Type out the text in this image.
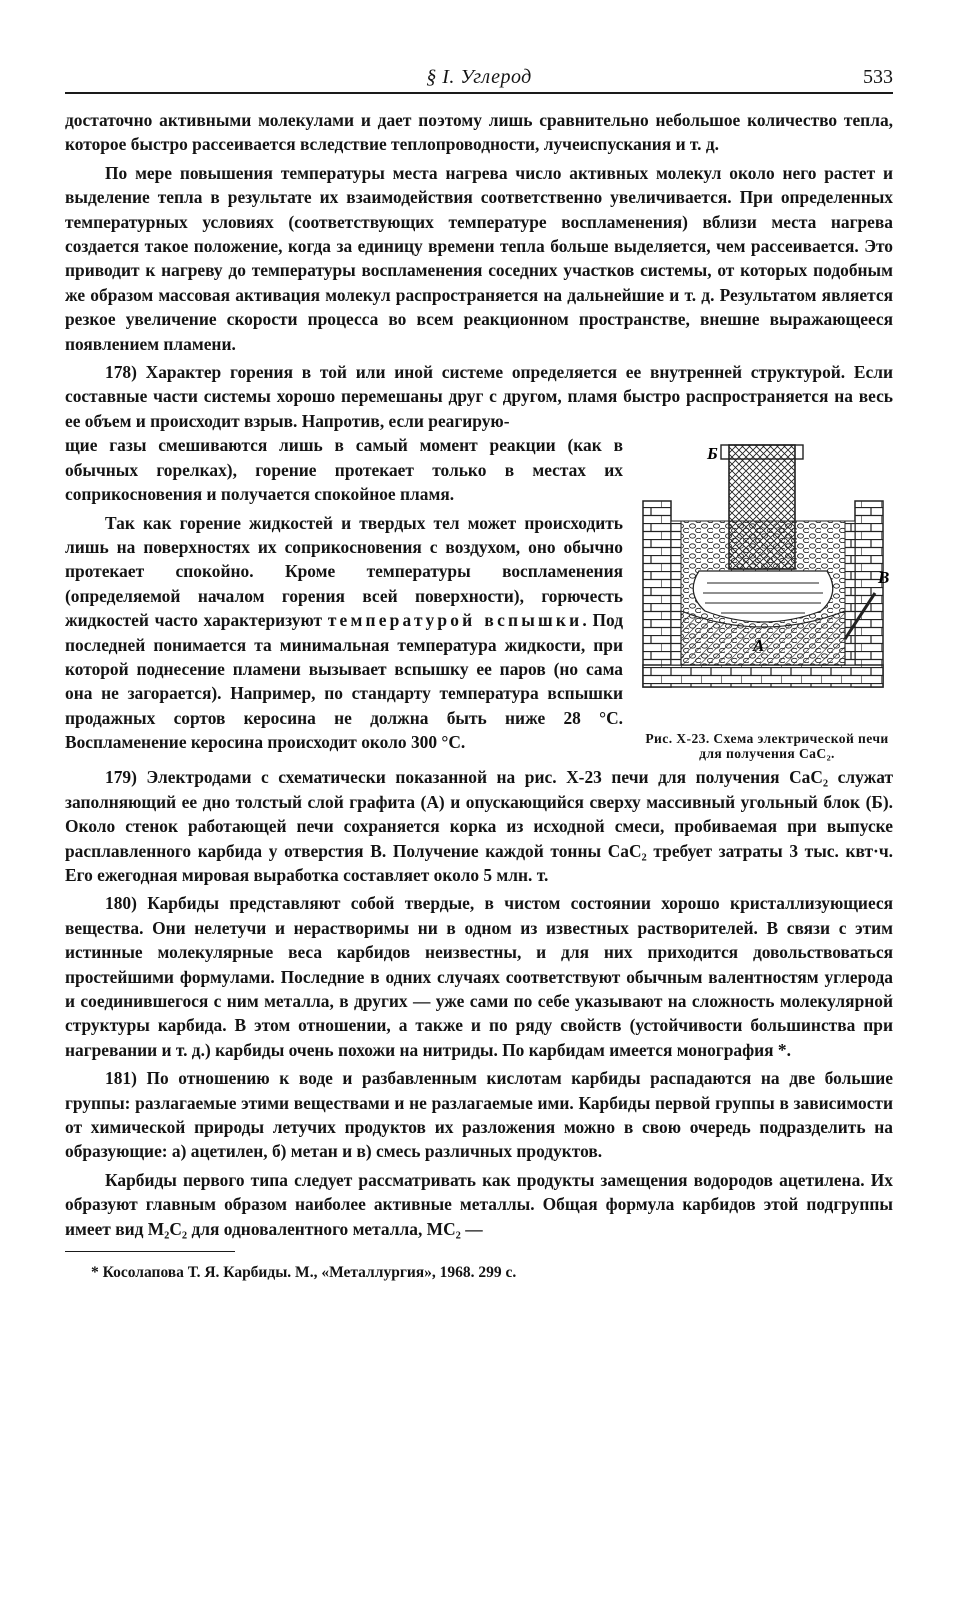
§ I. Углерод	533

достаточно активными молекулами и дает поэтому лишь сравнительно небольшое количество тепла, которое быстро рассеивается вследствие теплопроводности, лучеиспускания и т. д.

По мере повышения температуры места нагрева число активных молекул около него растет и выделение тепла в результате их взаимодействия соответственно увеличивается. При определенных температурных условиях (соответствующих температуре воспламенения) вблизи места нагрева создается такое положение, когда за единицу времени тепла больше выделяется, чем рассеивается. Это приводит к нагреву до температуры воспламенения соседних участков системы, от которых подобным же образом массовая активация молекул распространяется на дальнейшие и т. д. Результатом является резкое увеличение скорости процесса во всем реакционном пространстве, внешне выражающееся появлением пламени.

178) Характер горения в той или иной системе определяется ее внутренней структурой. Если составные части системы хорошо перемешаны друг с другом, пламя быстро распространяется на весь ее объем и происходит взрыв. Напротив, если реагирую-

щие газы смешиваются лишь в самый момент реакции (как в обычных горелках), горение протекает только в местах их соприкосновения и получается спокойное пламя.

Так как горение жидкостей и твердых тел может происходить лишь на поверхностях их соприкосновения с воздухом, оно обычно протекает спокойно. Кроме температуры воспламенения (определяемой началом горения всей поверхности), горючесть жидкостей часто характеризуют температурой вспышки. Под последней понимается та минимальная температура жидкости, при которой поднесение пламени вызывает вспышку ее паров (но сама она не загорается). Например, по стандарту температура вспышки продажных сортов керосина не должна быть ниже 28 °С. Воспламенение керосина происходит около 300 °С.

Б
А
В
Рис. X-23. Схема электрической печи для получения CaC₂.

179) Электродами с схематически показанной на рис. X-23 печи для получения CaC₂ служат заполняющий ее дно толстый слой графита (А) и опускающийся сверху массивный угольный блок (Б). Около стенок работающей печи сохраняется корка из исходной смеси, пробиваемая при выпуске расплавленного карбида у отверстия В. Получение каждой тонны CaC₂ требует затраты 3 тыс. квт·ч. Его ежегодная мировая выработка составляет около 5 млн. т.

180) Карбиды представляют собой твердые, в чистом состоянии хорошо кристаллизующиеся вещества. Они нелетучи и нерастворимы ни в одном из известных растворителей. В связи с этим истинные молекулярные веса карбидов неизвестны, и для них приходится довольствоваться простейшими формулами. Последние в одних случаях соответствуют обычным валентностям углерода и соединившегося с ним металла, в других — уже сами по себе указывают на сложность молекулярной структуры карбида. В этом отношении, а также и по ряду свойств (устойчивости большинства при нагревании и т. д.) карбиды очень похожи на нитриды. По карбидам имеется монография *.

181) По отношению к воде и разбавленным кислотам карбиды распадаются на две большие группы: разлагаемые этими веществами и не разлагаемые ими. Карбиды первой группы в зависимости от химической природы летучих продуктов их разложения можно в свою очередь подразделить на образующие: а) ацетилен, б) метан и в) смесь различных продуктов.

Карбиды первого типа следует рассматривать как продукты замещения водородов ацетилена. Их образуют главным образом наиболее активные металлы. Общая формула карбидов этой подгруппы имеет вид M₂C₂ для одновалентного металла, MC₂ —

* Косолапова Т. Я. Карбиды. М., «Металлургия», 1968. 299 с.
